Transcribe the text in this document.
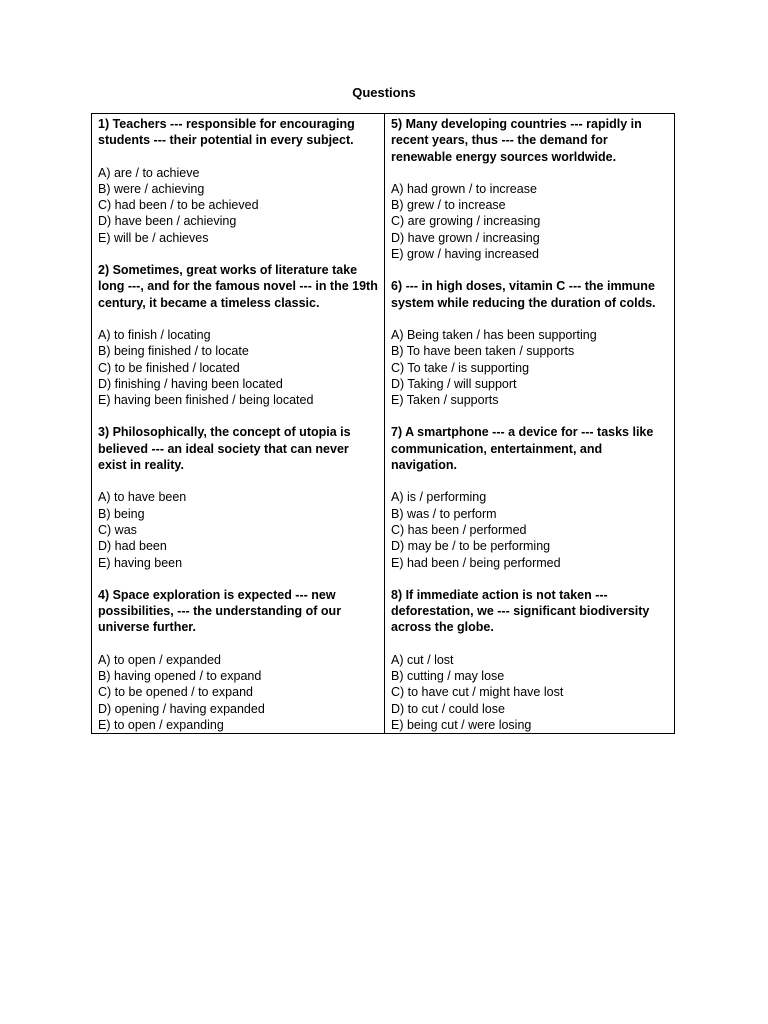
Questions
1) Teachers --- responsible for encouraging students --- their potential in every subject.
A) are / to achieve
B) were / achieving
C) had been / to be achieved
D) have been / achieving
E) will be / achieves
2) Sometimes, great works of literature take long ---, and for the famous novel --- in the 19th century, it became a timeless classic.
A) to finish / locating
B) being finished / to locate
C) to be finished / located
D) finishing / having been located
E) having been finished / being located
3) Philosophically, the concept of utopia is believed --- an ideal society that can never exist in reality.
A) to have been
B) being
C) was
D) had been
E) having been
4) Space exploration is expected --- new possibilities, --- the understanding of our universe further.
A) to open / expanded
B) having opened / to expand
C) to be opened / to expand
D) opening / having expanded
E) to open / expanding
5) Many developing countries --- rapidly in recent years, thus --- the demand for renewable energy sources worldwide.
A) had grown / to increase
B) grew / to increase
C) are growing / increasing
D) have grown / increasing
E) grow / having increased
6) --- in high doses, vitamin C --- the immune system while reducing the duration of colds.
A) Being taken / has been supporting
B) To have been taken / supports
C) To take / is supporting
D) Taking / will support
E) Taken / supports
7) A smartphone --- a device for --- tasks like communication, entertainment, and navigation.
A) is / performing
B) was / to perform
C) has been / performed
D) may be / to be performing
E) had been / being performed
8) If immediate action is not taken --- deforestation, we --- significant biodiversity across the globe.
A) cut / lost
B) cutting / may lose
C) to have cut / might have lost
D) to cut / could lose
E) being cut / were losing
